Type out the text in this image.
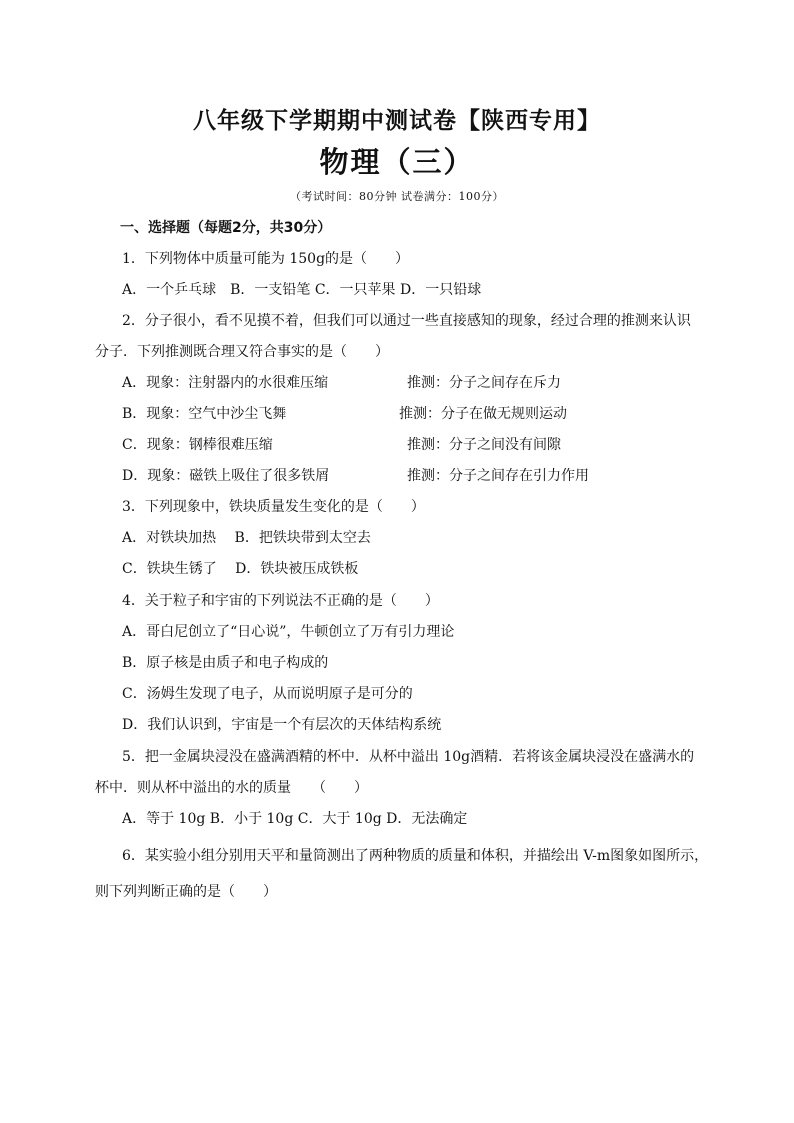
八年级下学期期中测试卷【陕西专用】
物理（三）
（考试时间：80分钟 试卷满分：100分）
一、选择题（每题2分，共30分）
1．下列物体中质量可能为 150g的是（　　）
A．一个乒乓球　B．一支铅笔 C．一只苹果 D．一只铅球
2．分子很小，看不见摸不着，但我们可以通过一些直接感知的现象，经过合理的推测来认识
分子．下列推测既合理又符合事实的是（　　）
A．现象：注射器内的水很难压缩	推测：分子之间存在斥力
B．现象：空气中沙尘飞舞	推测：分子在做无规则运动
C．现象：钢棒很难压缩	推测：分子之间没有间隙
D．现象：磁铁上吸住了很多铁屑	推测：分子之间存在引力作用
3．下列现象中，铁块质量发生变化的是（　　）
A．对铁块加热　 B．把铁块带到太空去
C．铁块生锈了　 D．铁块被压成铁板
4．关于粒子和宇宙的下列说法不正确的是（　　）
A．哥白尼创立了“日心说”，牛顿创立了万有引力理论
B．原子核是由质子和电子构成的
C．汤姆生发现了电子，从而说明原子是可分的
D．我们认识到，宇宙是一个有层次的天体结构系统
5．把一金属块浸没在盛满酒精的杯中．从杯中溢出 10g酒精．若将该金属块浸没在盛满水的
杯中．则从杯中溢出的水的质量　　（　　）
A．等于 10g B．小于 10g C．大于 10g D．无法确定
6．某实验小组分别用天平和量筒测出了两种物质的质量和体积，并描绘出 V-m图象如图所示，
则下列判断正确的是（　　）
